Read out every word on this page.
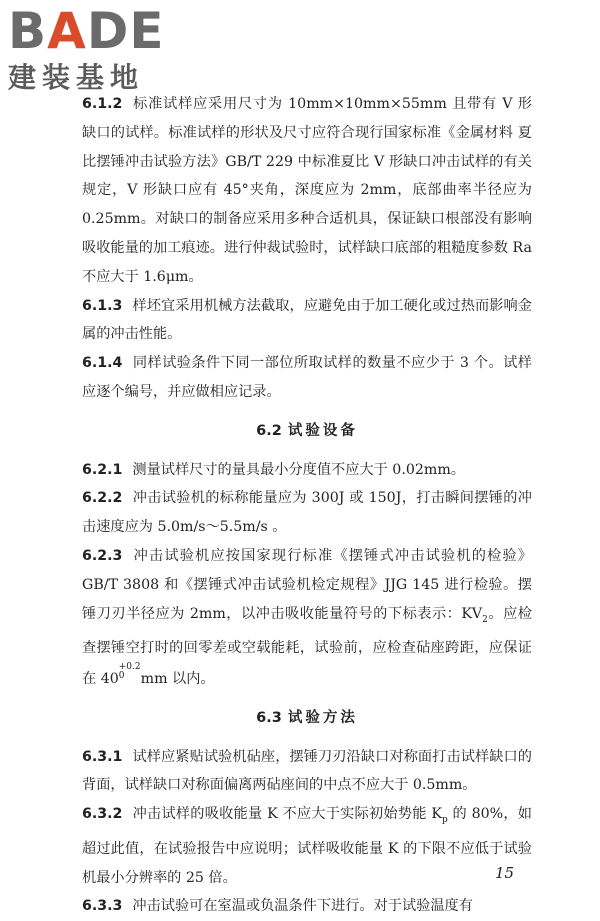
BADE
建装基地

6.1.2 标准试样应采用尺寸为 10mm×10mm×55mm 且带有 V 形缺口的试样。标准试样的形状及尺寸应符合现行国家标准《金属材料 夏比摆锤冲击试验方法》GB/T 229 中标准夏比 V 形缺口冲击试样的有关规定，V 形缺口应有 45°夹角，深度应为 2mm，底部曲率半径应为 0.25mm。对缺口的制备应采用多种合适机具，保证缺口根部没有影响吸收能量的加工痕迹。进行仲裁试验时，试样缺口底部的粗糙度参数 Ra 不应大于 1.6μm。

6.1.3 样坯宜采用机械方法截取，应避免由于加工硬化或过热而影响金属的冲击性能。

6.1.4 同样试验条件下同一部位所取试样的数量不应少于 3 个。试样应逐个编号，并应做相应记录。

6.2 试验设备

6.2.1 测量试样尺寸的量具最小分度值不应大于 0.02mm。

6.2.2 冲击试验机的标称能量应为 300J 或 150J，打击瞬间摆锤的冲击速度应为 5.0m/s～5.5m/s 。

6.2.3 冲击试验机应按国家现行标准《摆锤式冲击试验机的检验》GB/T 3808 和《摆锤式冲击试验机检定规程》JJG 145 进行检验。摆锤刀刃半径应为 2mm，以冲击吸收能量符号的下标表示：$KV_2$。应检查摆锤空打时的回零差或空载能耗，试验前，应检查砧座跨距，应保证在 40
+0.2
0	mm 以内。

6.3 试验方法

6.3.1 试样应紧贴试验机砧座，摆锤刀刃沿缺口对称面打击试样缺口的背面，试样缺口对称面偏离两砧座间的中点不应大于 0.5mm。

6.3.2 冲击试样的吸收能量 K 不应大于实际初始势能 $K_p$ 的 80%，如超过此值，在试验报告中应说明；试样吸收能量 K 的下限不应低于试验机最小分辨率的 25 倍。

6.3.3 冲击试验可在室温或负温条件下进行。对于试验温度有

15
